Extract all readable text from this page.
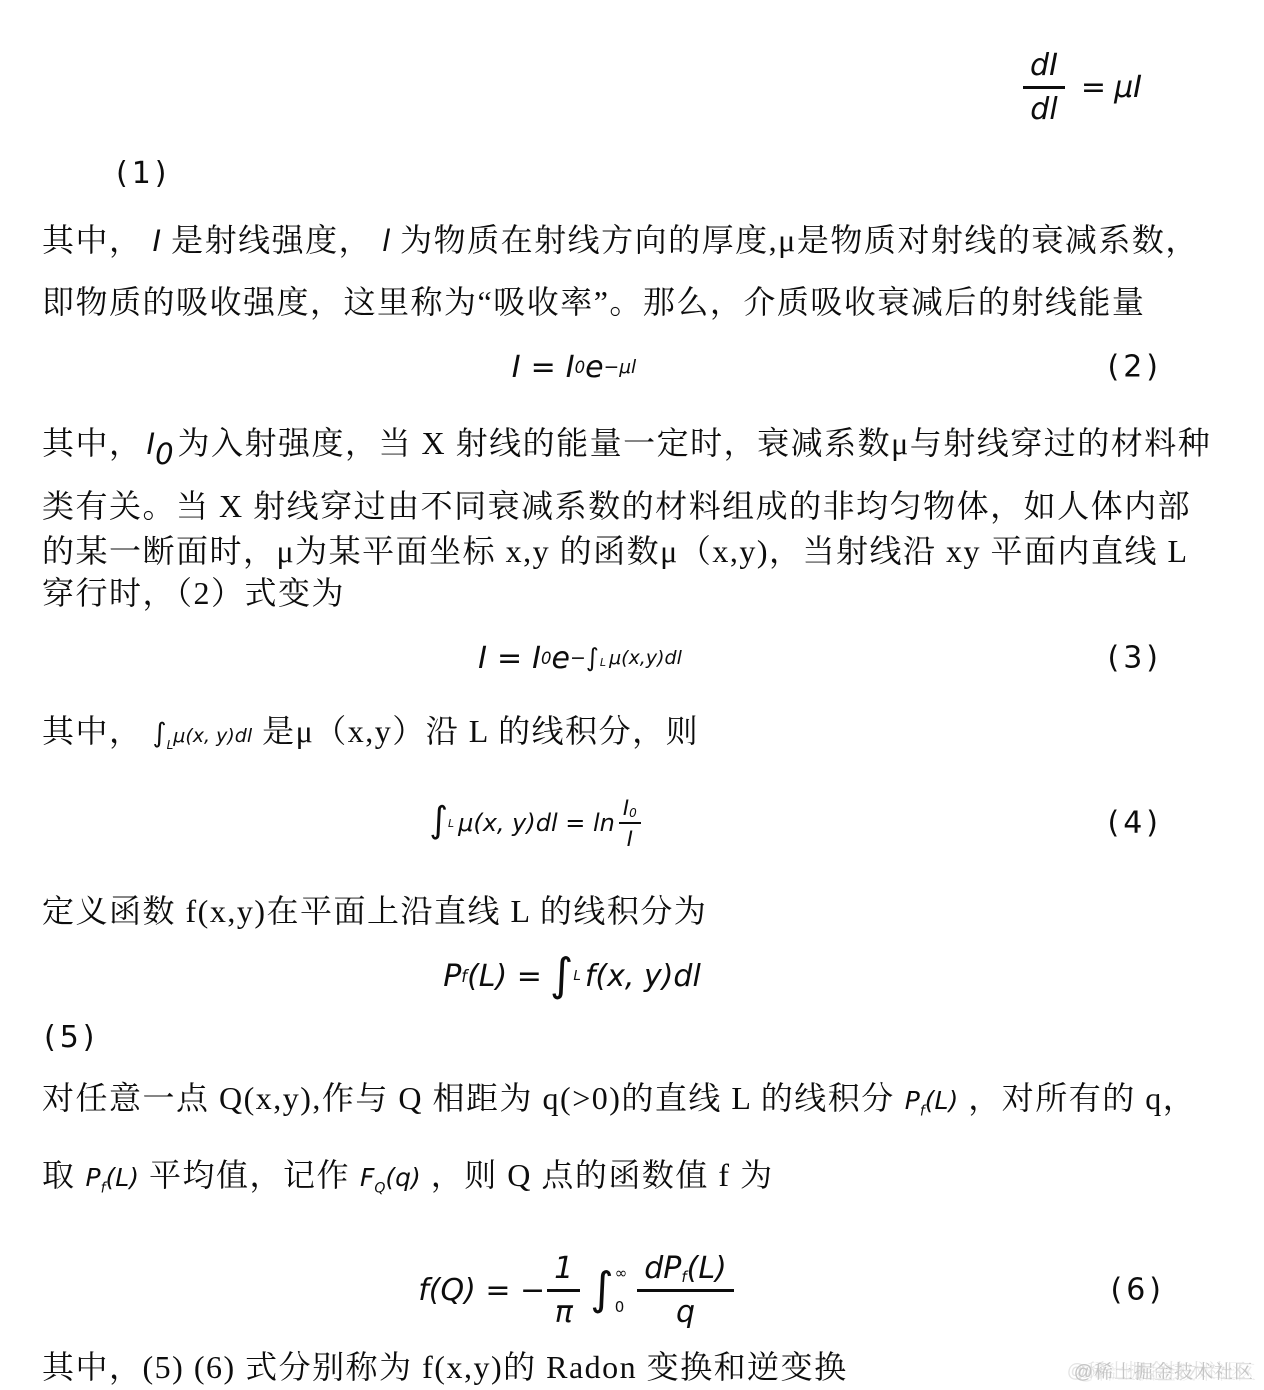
$\frac{dI}{dl} = \mu I$
(1)
其中， I 是射线强度， l 为物质在射线方向的厚度,μ是物质对射线的衰减系数，
即物质的吸收强度，这里称为“吸收率”。那么，介质吸收衰减后的射线能量
I = I 0 e −μl	(2)
其中， $I_0$ 为入射强度，当 X 射线的能量一定时，衰减系数μ与射线穿过的材料种
类有关。当 X 射线穿过由不同衰减系数的材料组成的非均匀物体，如人体内部
的某一断面时，μ为某平面坐标 x,y 的函数μ（x,y)，当射线沿 xy 平面内直线 L
穿行时，（2）式变为
I = I 0 e − ∫ L μ(x,y)dl	(3)
其中， $\int_L\mu(x$, y)dl 是μ（x,y）沿 L 的线积分，则
∫ L μ(x, $y)dl = \ln \frac{I_0}{I}$	(4)
定义函数 f(x,y)在平面上沿直线 L 的线积分为
P f (L) = ∫ L f(x, y)dl
(5)
对任意一点 Q(x,y),作与 Q 相距为 q(>0)的直线 L 的线积分 $P_f(L)$ ，对所有的 q，
取 $P_f(L)$ 平均值，记作 $F_Q(q)$ ，则 Q 点的函数值 f 为
f(Q) = − $\frac{1}{\pi}$ ∫ ∞
$0 \frac{dP_f (L)}{q}$	(6)
其中，(5) (6) 式分别称为 f(x,y)的 Radon 变换和逆变换	@稀土掘金技术社区
